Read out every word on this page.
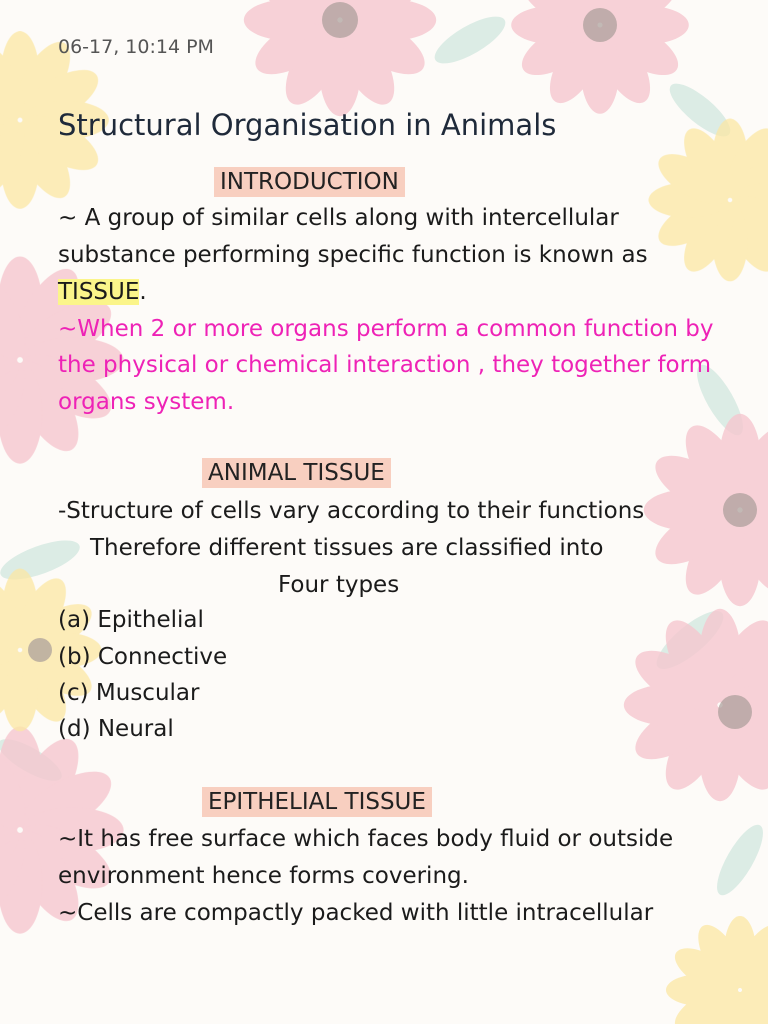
06-17, 10:14 PM
Structural Organisation in Animals
INTRODUCTION
~ A group of similar cells along with intercellular
substance performing specific function is known as
TISSUE.
~When 2 or more organs perform a common function by
the physical or chemical interaction , they together form
organs system.
ANIMAL TISSUE
-Structure of cells vary according to their functions
Therefore different tissues are classified into
Four types
(a) Epithelial
(b) Connective
(c) Muscular
(d) Neural
EPITHELIAL TISSUE
~It has free surface which faces body fluid or outside
environment hence forms covering.
~Cells are compactly packed with little intracellular
